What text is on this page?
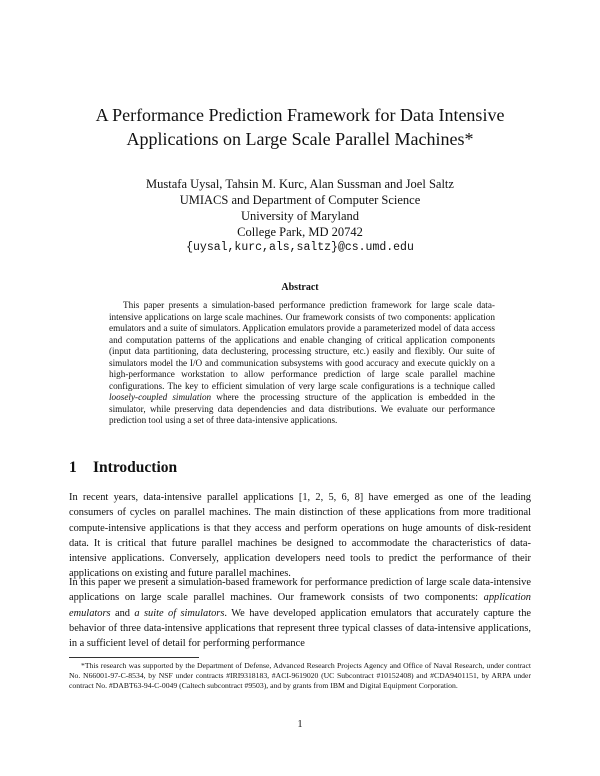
A Performance Prediction Framework for Data Intensive
Applications on Large Scale Parallel Machines*
Mustafa Uysal, Tahsin M. Kurc, Alan Sussman and Joel Saltz
UMIACS and Department of Computer Science
University of Maryland
College Park, MD 20742
{uysal,kurc,als,saltz}@cs.umd.edu
Abstract

This paper presents a simulation-based performance prediction framework for large scale data-intensive applications on large scale machines. Our framework consists of two components: application emulators and a suite of simulators. Application emulators provide a parameterized model of data access and computation patterns of the applications and enable changing of critical application components (input data partitioning, data declustering, processing structure, etc.) easily and flexibly. Our suite of simulators model the I/O and communication subsystems with good accuracy and execute quickly on a high-performance workstation to allow performance prediction of large scale parallel machine configurations. The key to efficient simulation of very large scale configurations is a technique called loosely-coupled simulation where the processing structure of the application is embedded in the simulator, while preserving data dependencies and data distributions. We evaluate our performance prediction tool using a set of three data-intensive applications.

1 Introduction

In recent years, data-intensive parallel applications [1, 2, 5, 6, 8] have emerged as one of the leading consumers of cycles on parallel machines. The main distinction of these applications from more traditional compute-intensive applications is that they access and perform operations on huge amounts of disk-resident data. It is critical that future parallel machines be designed to accommodate the characteristics of data-intensive applications. Conversely, application developers need tools to predict the performance of their applications on existing and future parallel machines.

In this paper we present a simulation-based framework for performance prediction of large scale data-intensive applications on large scale parallel machines. Our framework consists of two components: application emulators and a suite of simulators. We have developed application emulators that accurately capture the behavior of three data-intensive applications that represent three typical classes of data-intensive applications, in a sufficient level of detail for performing performance

*This research was supported by the Department of Defense, Advanced Research Projects Agency and Office of Naval Research, under contract No. N66001-97-C-8534, by NSF under contracts #IRI9318183, #ACI-9619020 (UC Subcontract #10152408) and #CDA9401151, by ARPA under contract No. #DABT63-94-C-0049 (Caltech subcontract #9503), and by grants from IBM and Digital Equipment Corporation.

1
